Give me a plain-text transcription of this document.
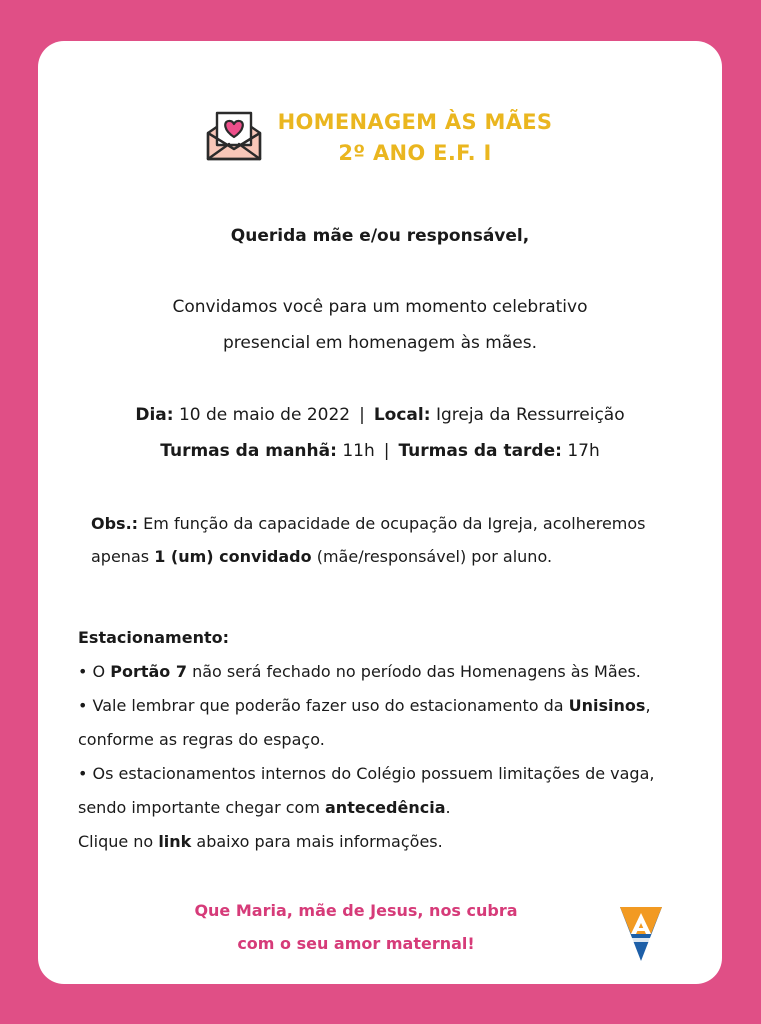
HOMENAGEM ÀS MÃES
2º ANO E.F. I
Querida mãe e/ou responsável,
Convidamos você para um momento celebrativo
presencial em homenagem às mães.
Dia: 10 de maio de 2022 | Local: Igreja da Ressurreição
Turmas da manhã: 11h | Turmas da tarde: 17h
Obs.: Em função da capacidade de ocupação da Igreja, acolheremos
apenas 1 (um) convidado (mãe/responsável) por aluno.
Estacionamento:
• O Portão 7 não será fechado no período das Homenagens às Mães.
• Vale lembrar que poderão fazer uso do estacionamento da Unisinos,
conforme as regras do espaço.
• Os estacionamentos internos do Colégio possuem limitações de vaga,
sendo importante chegar com antecedência.
Clique no link abaixo para mais informações.
Que Maria, mãe de Jesus, nos cubra
com o seu amor maternal!
